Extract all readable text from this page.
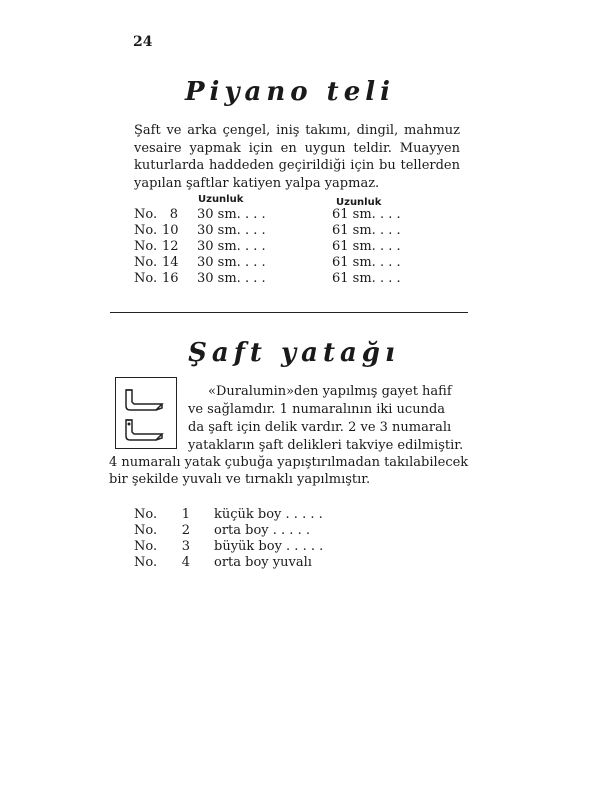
24
Piyano teli
Şaft ve arka çengel, iniş takımı, dingil, mahmuz vesaire yapmak için en uygun teldir. Muayyen kuturlarda haddeden geçirildiği için bu tellerden yapılan şaftlar katiyen yalpa yapmaz.
Uzunluk	Uzunluk
No. 8 30 sm. . . .	61 sm. . . .
No. 10 30 sm. . . .	61 sm. . . .
No. 12 30 sm. . . .	61 sm. . . .
No. 14 30 sm. . . .	61 sm. . . .
No. 16 30 sm. . . .	61 sm. . . .
Şaft yatağı
«Duralumin»den yapılmış gayet hafif
ve sağlamdır. 1 numaralının iki ucunda
da şaft için delik vardır. 2 ve 3 numaralı
yatakların şaft delikleri takviye edilmiştir.
4 numaralı yatak çubuğa yapıştırılmadan takılabilecek
bir şekilde yuvalı ve tırnaklı yapılmıştır.
No. 1 küçük boy . . . . .
No. 2 orta boy . . . . .
No. 3 büyük boy . . . . .
No. 4 orta boy yuvalı
